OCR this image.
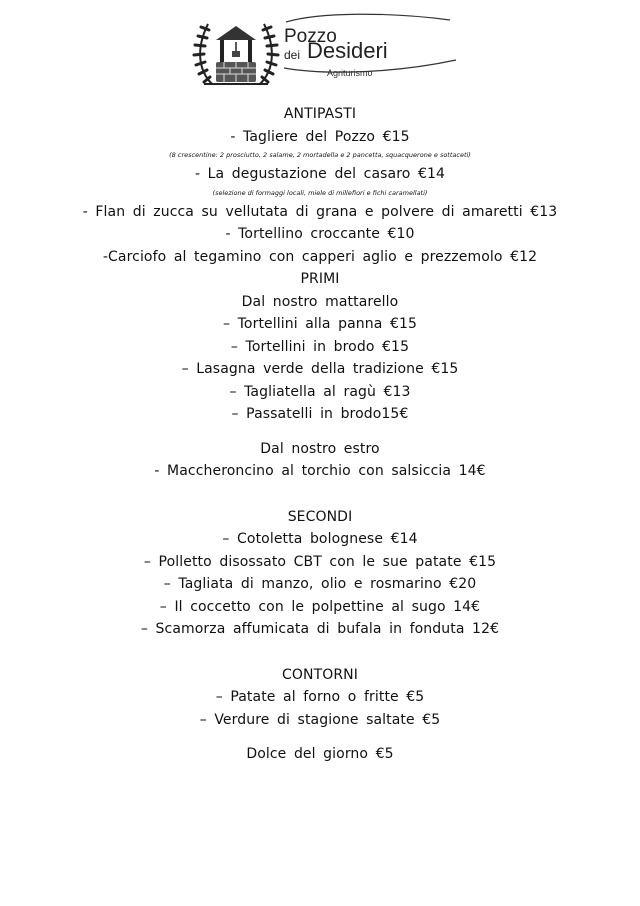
Pozzo
dei Desideri
Agriturismo
ANTIPASTI
- Tagliere del Pozzo €15
(8 crescentine: 2 prosciutto, 2 salame, 2 mortadella e 2 pancetta, squacquerone e sottaceti)
- La degustazione del casaro €14
(selezione di formaggi locali, miele di millefiori e fichi caramellati)
- Flan di zucca su vellutata di grana e polvere di amaretti €13
- Tortellino croccante €10
-Carciofo al tegamino con capperi aglio e prezzemolo €12
PRIMI
Dal nostro mattarello
– Tortellini alla panna €15
– Tortellini in brodo €15
– Lasagna verde della tradizione €15
– Tagliatella al ragù €13
– Passatelli in brodo15€
Dal nostro estro
- Maccheroncino al torchio con salsiccia 14€
SECONDI
– Cotoletta bolognese €14
– Polletto disossato CBT con le sue patate €15
– Tagliata di manzo, olio e rosmarino €20
– Il coccetto con le polpettine al sugo 14€
– Scamorza affumicata di bufala in fonduta 12€
CONTORNI
– Patate al forno o fritte €5
– Verdure di stagione saltate €5
Dolce del giorno €5
